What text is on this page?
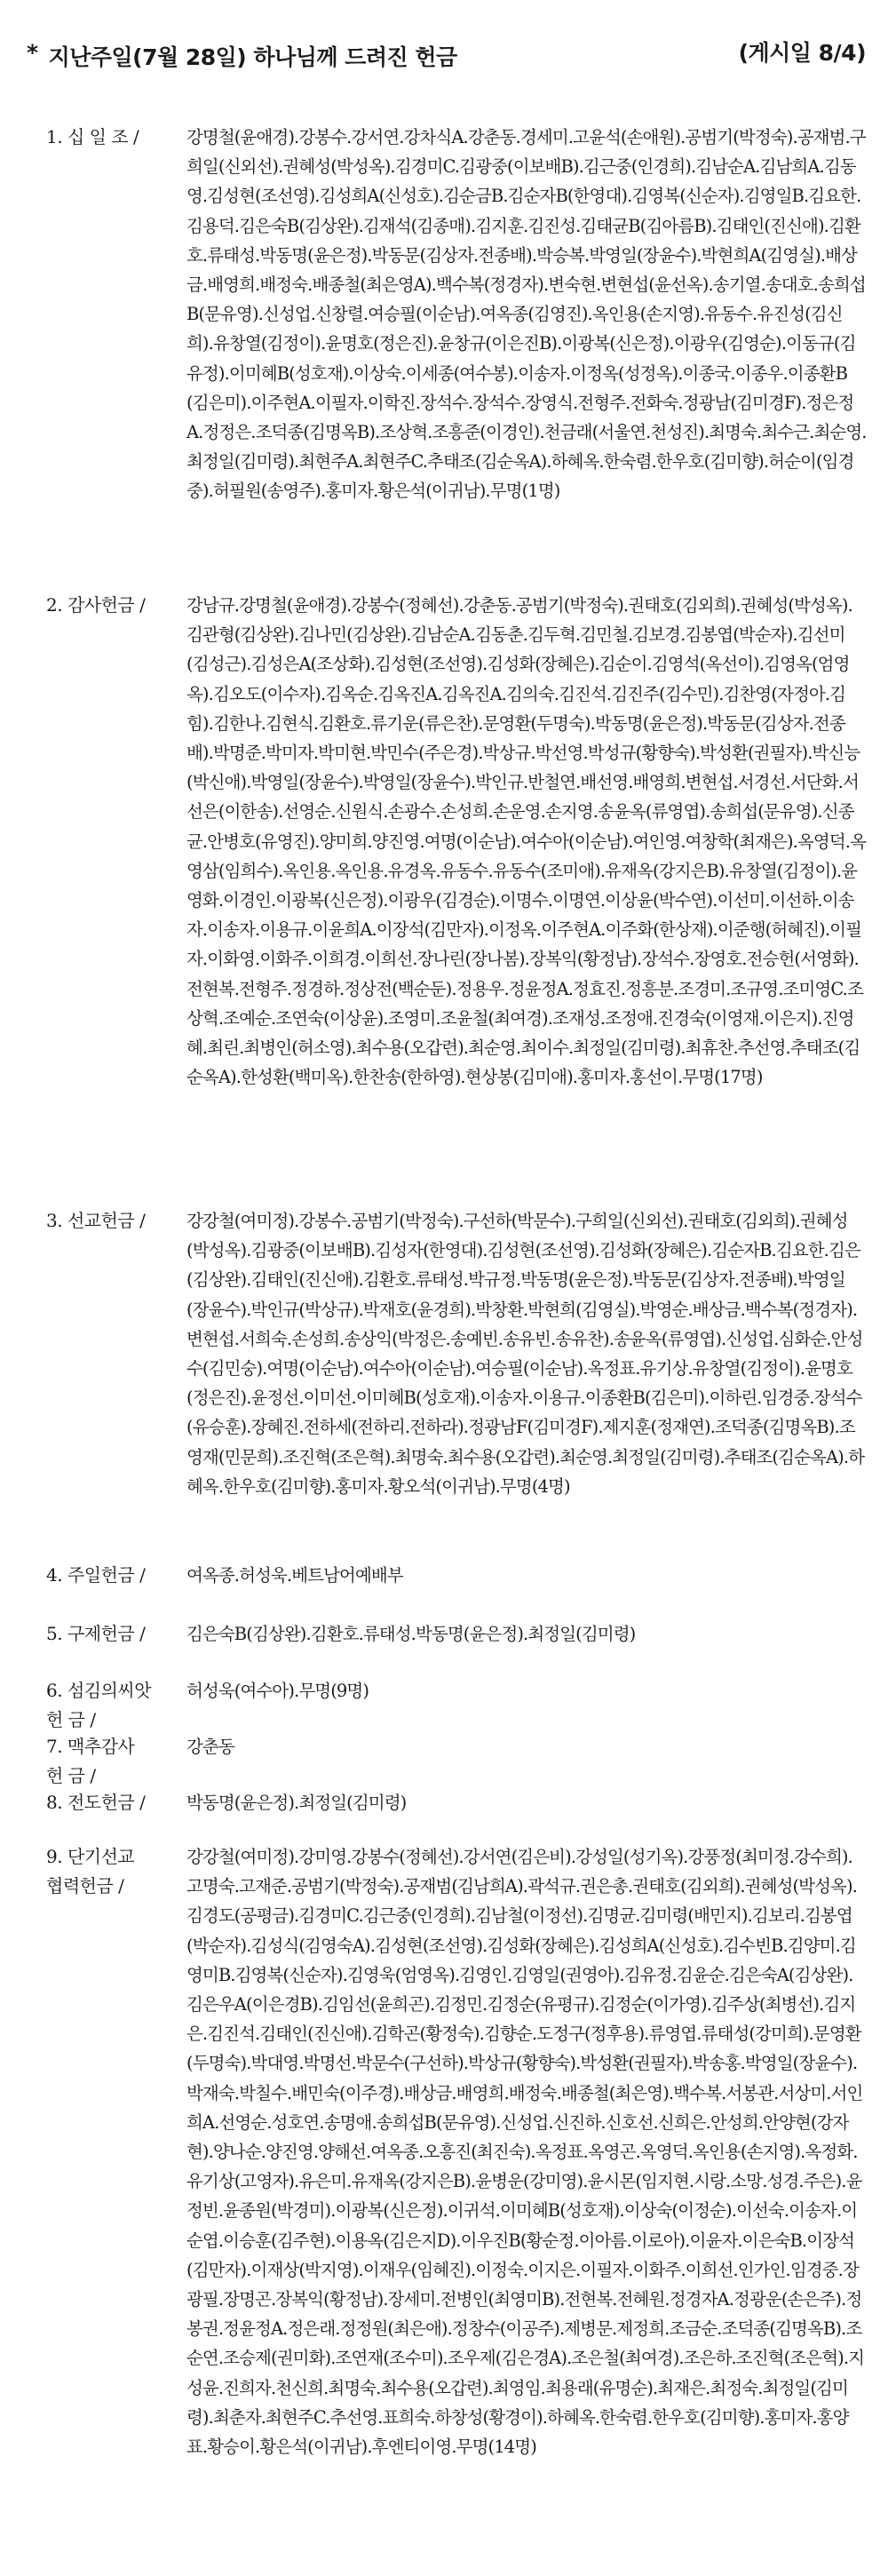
* 지난주일(7월 28일) 하나님께 드려진 헌금	(게시일 8/4)
1. 십 일 조 /	강명철(윤애경).강봉수.강서연.강차식A.강춘동.경세미.고윤석(손애원).공범기(박정숙).공재범.구희일(신외선).권혜성(박성옥).김경미C.김광중(이보배B).김근중(인경희).김남순A.김남희A.김동영.김성현(조선영).김성희A(신성호).김순금B.김순자B(한영대).김영복(신순자).김영일B.김요한.김용덕.김은숙B(김상완).김재석(김종매).김지훈.김진성.김태균B(김아름B).김태인(진신애).김환호.류태성.박동명(윤은정).박동문(김상자.전종배).박승복.박영일(장윤수).박현희A(김영실).배상금.배영희.배정숙.배종철(최은영A).백수복(정경자).변숙현.변현섭(윤선옥).송기열.송대호.송희섭B(문유영).신성업.신창렬.여승필(이순남).여옥종(김영진).옥인용(손지영).유동수.유진성(김신희).유창열(김정이).윤명호(정은진).윤창규(이은진B).이광복(신은정).이광우(김영순).이동규(김유정).이미혜B(성호재).이상숙.이세종(여수봉).이송자.이정옥(성정옥).이종국.이종우.이종환B(김은미).이주현A.이필자.이학진.장석수.장석수.장영식.전형주.전화숙.정광남(김미경F).정은정A.정정은.조덕종(김명옥B).조상혁.조흥준(이경인).천금래(서울연.천성진).최명숙.최수근.최순영.최정일(김미령).최현주A.최현주C.추태조(김순옥A).하혜옥.한숙렴.한우호(김미향).허순이(임경중).허필원(송영주).홍미자.황은석(이귀남).무명(1명)
2. 감사헌금 /	강남규.강명철(윤애경).강봉수(정혜선).강춘동.공범기(박정숙).권태호(김외희).권혜성(박성옥).김관형(김상완).김나민(김상완).김남순A.김동춘.김두혁.김민철.김보경.김봉엽(박순자).김선미(김성근).김성은A(조상화).김성현(조선영).김성화(장혜은).김순이.김영석(옥선이).김영옥(엄영옥).김오도(이수자).김옥순.김옥진A.김옥진A.김의숙.김진석.김진주(김수민).김찬영(자정아.김힘).김한나.김현식.김환호.류기운(류은찬).문영환(두명숙).박동명(윤은정).박동문(김상자.전종배).박명준.박미자.박미현.박민수(주은경).박상규.박선영.박성규(황향숙).박성환(권필자).박신능(박신애).박영일(장윤수).박영일(장윤수).박인규.반철연.배선영.배영희.변현섭.서경선.서단화.서선은(이한송).선영순.신원식.손광수.손성희.손운영.손지영.송윤옥(류영엽).송희섭(문유영).신종균.안병호(유영진).양미희.양진영.여명(이순남).여수아(이순남).여인영.여창학(최재은).옥영덕.옥영삼(임희수).옥인용.옥인용.유경옥.유동수.유동수(조미애).유재옥(강지은B).유창열(김정이).윤영화.이경인.이광복(신은정).이광우(김경순).이명수.이명연.이상윤(박수연).이선미.이선하.이송자.이송자.이용규.이윤희A.이장석(김만자).이정옥.이주현A.이주화(한상재).이준행(허혜진).이필자.이화영.이화주.이희경.이희선.장나린(장나봄).장복익(황정남).장석수.장영호.전승헌(서영화).전현복.전형주.정경하.정상전(백순둔).정용우.정윤정A.정효진.정흥분.조경미.조규영.조미영C.조상혁.조예순.조연숙(이상윤).조영미.조윤철(최여경).조재성.조정애.진경숙(이영재.이은지).진영혜.최린.최병인(허소영).최수용(오갑련).최순영.최이수.최정일(김미령).최휴찬.추선영.추태조(김순옥A).한성환(백미옥).한찬송(한하영).현상봉(김미애).홍미자.홍선이.무명(17명)
3. 선교헌금 /	강강철(여미정).강봉수.공범기(박정숙).구선하(박문수).구희일(신외선).권태호(김외희).권혜성(박성옥).김광중(이보배B).김성자(한영대).김성현(조선영).김성화(장혜은).김순자B.김요한.김은(김상완).김태인(진신애).김환호.류태성.박규정.박동명(윤은정).박동문(김상자.전종배).박영일(장윤수).박인규(박상규).박재호(윤경희).박창환.박현희(김영실).박영순.배상금.백수복(정경자).변현섭.서희숙.손성희.송상익(박정은.송예빈.송유빈.송유찬).송윤옥(류영엽).신성업.심화순.안성수(김민숭).여명(이순남).여수아(이순남).여승필(이순남).옥정표.유기상.유창열(김정이).윤명호(정은진).윤정선.이미선.이미혜B(성호재).이송자.이용규.이종환B(김은미).이하린.임경중.장석수(유승훈).장혜진.전하세(전하리.전하라).정광남F(김미경F).제지훈(정재연).조덕종(김명옥B).조영재(민문희).조진혁(조은혁).최명숙.최수용(오갑련).최순영.최정일(김미령).추태조(김순옥A).하혜옥.한우호(김미향).홍미자.황오석(이귀남).무명(4명)
4. 주일헌금 /	여옥종.허성욱.베트남어예배부
5. 구제헌금 /	김은숙B(김상완).김환호.류태성.박동명(윤은정).최정일(김미령)
6. 섬김의씨앗
헌 금 /
허성욱(여수아).무명(9명)
7. 맥추감사
헌 금 /
강춘동
8. 전도헌금 /	박동명(윤은정).최정일(김미령)
9. 단기선교
협력헌금 /
강강철(여미정).강미영.강봉수(정혜선).강서연(김은비).강성일(성기옥).강풍정(최미정.강수희).고명숙.고재준.공범기(박정숙).공재범(김남희A).곽석규.권은총.권태호(김외희).권혜성(박성옥).김경도(공평금).김경미C.김근중(인경희).김남철(이정선).김명균.김미령(배민지).김보리.김봉엽(박순자).김성식(김영숙A).김성현(조선영).김성화(장혜은).김성희A(신성호).김수빈B.김양미.김영미B.김영복(신순자).김영욱(엄영옥).김영인.김영일(권영아).김유정.김윤순.김은숙A(김상완).김은우A(이은경B).김임선(윤희곤).김정민.김정순(유평규).김정순(이가영).김주상(최병선).김지은.김진석.김태인(진신애).김학곤(황정숙).김향순.도정구(정후용).류영엽.류태성(강미희).문영환(두명숙).박대영.박명선.박문수(구선하).박상규(황향숙).박성환(권필자).박송홍.박영일(장윤수).박재숙.박칠수.배민숙(이주경).배상금.배영희.배정숙.배종철(최은영).백수복.서봉관.서상미.서인희A.선영순.성호연.송명애.송희섭B(문유영).신성업.신진하.신호선.신희은.안성희.안양현(강자현).양나순.양진영.양해선.여옥종.오흥진(최진숙).옥정표.옥영곤.옥영덕.옥인용(손지영).옥정화.유기상(고영자).유은미.유재옥(강지은B).윤병운(강미영).윤시몬(임지현.시랑.소망.성경.주은).윤정빈.윤종원(박경미).이광복(신은정).이귀석.이미혜B(성호재).이상숙(이정순).이선숙.이송자.이순엽.이승훈(김주현).이용옥(김은지D).이우진B(황순정.이아름.이로아).이윤자.이은숙B.이장석(김만자).이재상(박지영).이재우(임혜진).이정숙.이지은.이필자.이화주.이희선.인가인.임경중.장광필.장명곤.장복익(황정남).장세미.전병인(최영미B).전현복.전혜원.정경자A.정광운(손은주).정봉권.정윤정A.정은래.정정원(최은애).정창수(이공주).제병문.제정희.조금순.조덕종(김명옥B).조순연.조승제(권미화).조연재(조수미).조우제(김은경A).조은철(최여경).조은하.조진혁(조은혁).지성윤.진희자.천신희.최명숙.최수용(오갑련).최영임.최용래(유명순).최재은.최정숙.최정일(김미령).최춘자.최현주C.추선영.표희숙.하창성(황경이).하혜옥.한숙렴.한우호(김미향).홍미자.홍양표.황승이.황은석(이귀남).후엔티이영.무명(14명)
